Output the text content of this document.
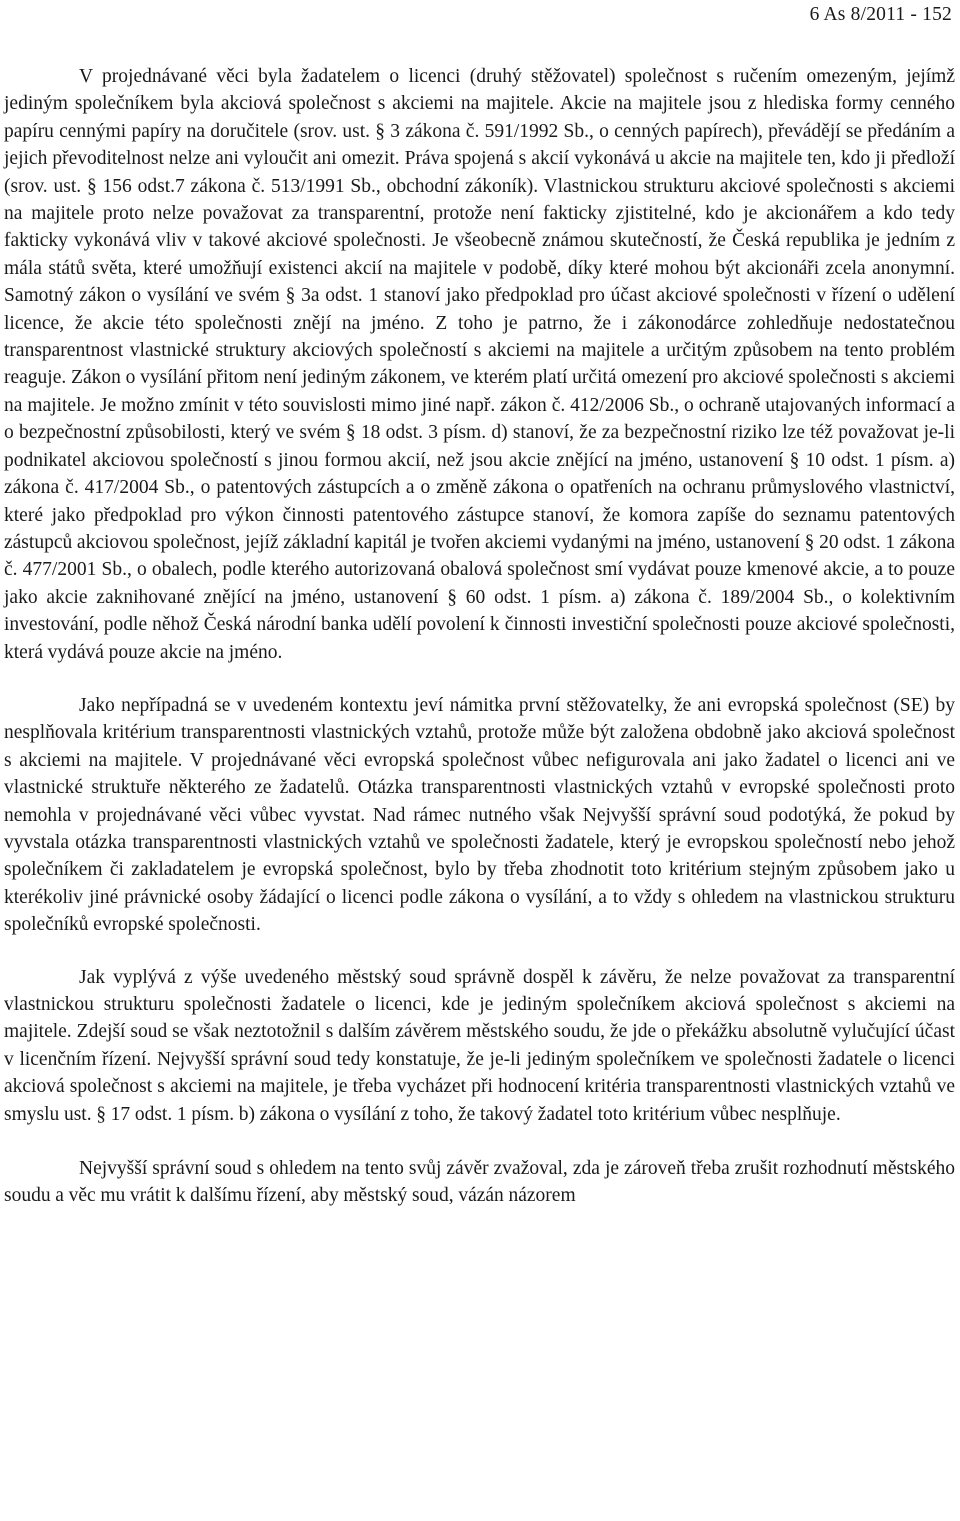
6 As 8/2011 - 152

V projednávané věci byla žadatelem o licenci (druhý stěžovatel) společnost s ručením omezeným, jejímž jediným společníkem byla akciová společnost s akciemi na majitele. Akcie na majitele jsou z hlediska formy cenného papíru cennými papíry na doručitele (srov. ust. § 3 zákona č. 591/1992 Sb., o cenných papírech), převádějí se předáním a jejich převoditelnost nelze ani vyloučit ani omezit. Práva spojená s akcií vykonává u akcie na majitele ten, kdo ji předloží (srov. ust. § 156 odst.7 zákona č. 513/1991 Sb., obchodní zákoník). Vlastnickou strukturu akciové společnosti s akciemi na majitele proto nelze považovat za transparentní, protože není fakticky zjistitelné, kdo je akcionářem a kdo tedy fakticky vykonává vliv v takové akciové společnosti. Je všeobecně známou skutečností, že Česká republika je jedním z mála států světa, které umožňují existenci akcií na majitele v podobě, díky které mohou být akcionáři zcela anonymní. Samotný zákon o vysílání ve svém § 3a odst. 1 stanoví jako předpoklad pro účast akciové společnosti v řízení o udělení licence, že akcie této společnosti znějí na jméno. Z toho je patrno, že i zákonodárce zohledňuje nedostatečnou transparentnost vlastnické struktury akciových společností s akciemi na majitele a určitým způsobem na tento problém reaguje. Zákon o vysílání přitom není jediným zákonem, ve kterém platí určitá omezení pro akciové společnosti s akciemi na majitele. Je možno zmínit v této souvislosti mimo jiné např. zákon č. 412/2006 Sb., o ochraně utajovaných informací a o bezpečnostní způsobilosti, který ve svém § 18 odst. 3 písm. d) stanoví, že za bezpečnostní riziko lze též považovat je-li podnikatel akciovou společností s jinou formou akcií, než jsou akcie znějící na jméno, ustanovení § 10 odst. 1 písm. a) zákona č. 417/2004 Sb., o patentových zástupcích a o změně zákona o opatřeních na ochranu průmyslového vlastnictví, které jako předpoklad pro výkon činnosti patentového zástupce stanoví, že komora zapíše do seznamu patentových zástupců akciovou společnost, jejíž základní kapitál je tvořen akciemi vydanými na jméno, ustanovení § 20 odst. 1 zákona č. 477/2001 Sb., o obalech, podle kterého autorizovaná obalová společnost smí vydávat pouze kmenové akcie, a to pouze jako akcie zaknihované znějící na jméno, ustanovení § 60 odst. 1 písm. a) zákona č. 189/2004 Sb., o kolektivním investování, podle něhož Česká národní banka udělí povolení k činnosti investiční společnosti pouze akciové společnosti, která vydává pouze akcie na jméno.

Jako nepřípadná se v uvedeném kontextu jeví námitka první stěžovatelky, že ani evropská společnost (SE) by nesplňovala kritérium transparentnosti vlastnických vztahů, protože může být založena obdobně jako akciová společnost s akciemi na majitele. V projednávané věci evropská společnost vůbec nefigurovala ani jako žadatel o licenci ani ve vlastnické struktuře některého ze žadatelů. Otázka transparentnosti vlastnických vztahů v evropské společnosti proto nemohla v projednávané věci vůbec vyvstat. Nad rámec nutného však Nejvyšší správní soud podotýká, že pokud by vyvstala otázka transparentnosti vlastnických vztahů ve společnosti žadatele, který je evropskou společností nebo jehož společníkem či zakladatelem je evropská společnost, bylo by třeba zhodnotit toto kritérium stejným způsobem jako u kterékoliv jiné právnické osoby žádající o licenci podle zákona o vysílání, a to vždy s ohledem na vlastnickou strukturu společníků evropské společnosti.

Jak vyplývá z výše uvedeného městský soud správně dospěl k závěru, že nelze považovat za transparentní vlastnickou strukturu společnosti žadatele o licenci, kde je jediným společníkem akciová společnost s akciemi na majitele. Zdejší soud se však neztotožnil s dalším závěrem městského soudu, že jde o překážku absolutně vylučující účast v licenčním řízení. Nejvyšší správní soud tedy konstatuje, že je-li jediným společníkem ve společnosti žadatele o licenci akciová společnost s akciemi na majitele, je třeba vycházet při hodnocení kritéria transparentnosti vlastnických vztahů ve smyslu ust. § 17 odst. 1 písm. b) zákona o vysílání z toho, že takový žadatel toto kritérium vůbec nesplňuje.

Nejvyšší správní soud s ohledem na tento svůj závěr zvažoval, zda je zároveň třeba zrušit rozhodnutí městského soudu a věc mu vrátit k dalšímu řízení, aby městský soud, vázán názorem
